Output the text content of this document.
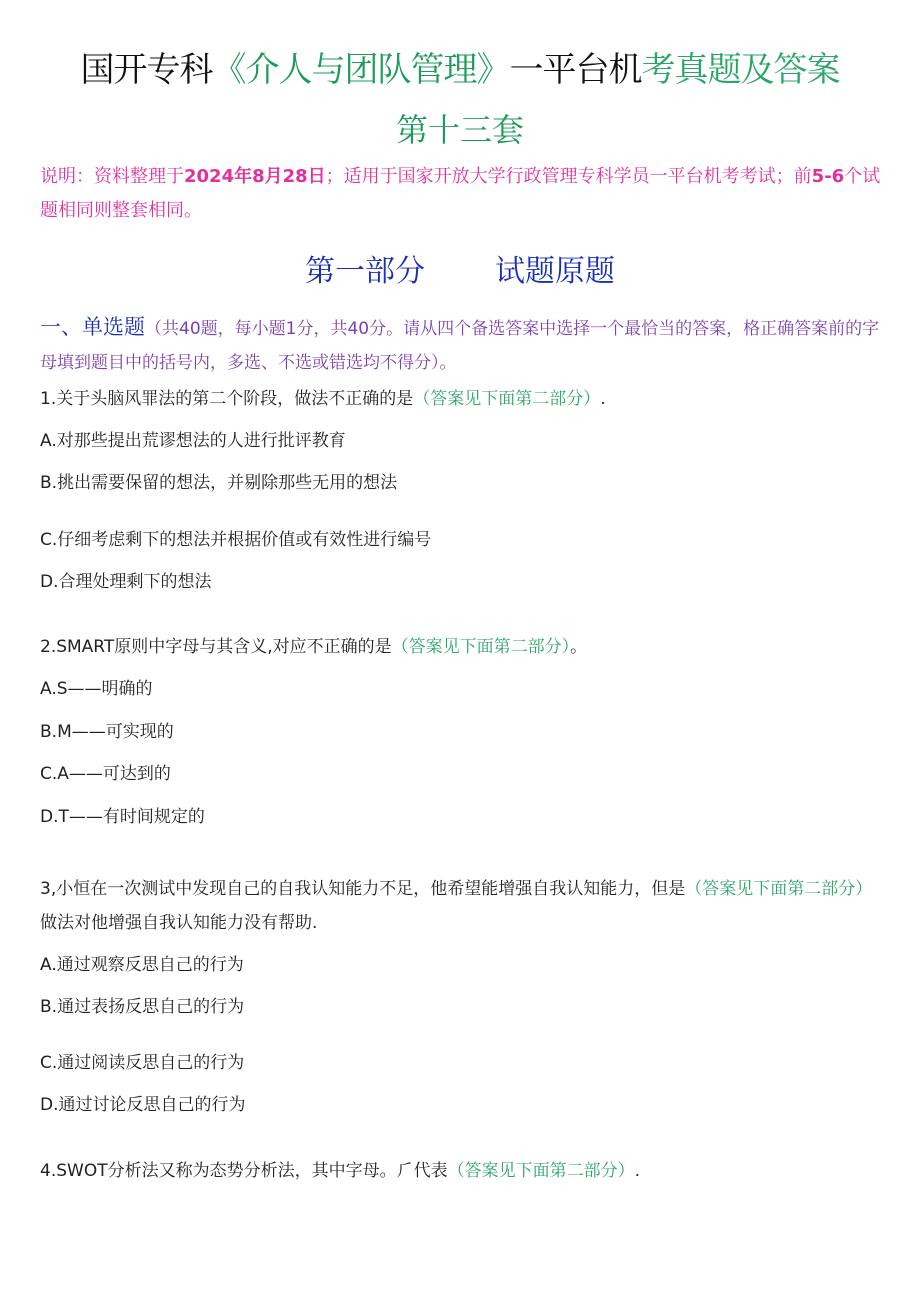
国开专科《介人与团队管理》一平台机考真题及答案
第十三套
说明：资料整理于2024年8月28日；适用于国家开放大学行政管理专科学员一平台机考考试；前5-6个试题相同则整套相同。
第一部分 试题原题
一、单选题（共40题，每小题1分，共40分。请从四个备选答案中选择一个最恰当的答案，格正确答案前的字母填到题目中的括号内，多选、不选或错选均不得分）。
1.关于头脑风罪法的第二个阶段，做法不正确的是（答案见下面第二部分）.
A.对那些提出荒谬想法的人进行批评教育
B.挑出需要保留的想法，并剔除那些无用的想法
C.仔细考虑剩下的想法并根据价值或有效性进行编号
D.合理处理剩下的想法
2.SMART原则中字母与其含义,对应不正确的是（答案见下面第二部分）。
A.S——明确的
B.M——可实现的
C.A——可达到的
D.T——有时间规定的
3,小恒在一次测试中发现自己的自我认知能力不足，他希望能增强自我认知能力，但是（答案见下面第二部分）做法对他增强自我认知能力没有帮助.
A.通过观察反思自己的行为
B.通过表扬反思自己的行为
C.通过阅读反思自己的行为
D.通过讨论反思自己的行为
4.SWOT分析法又称为态势分析法，其中字母。⺁代表（答案见下面第二部分）.
